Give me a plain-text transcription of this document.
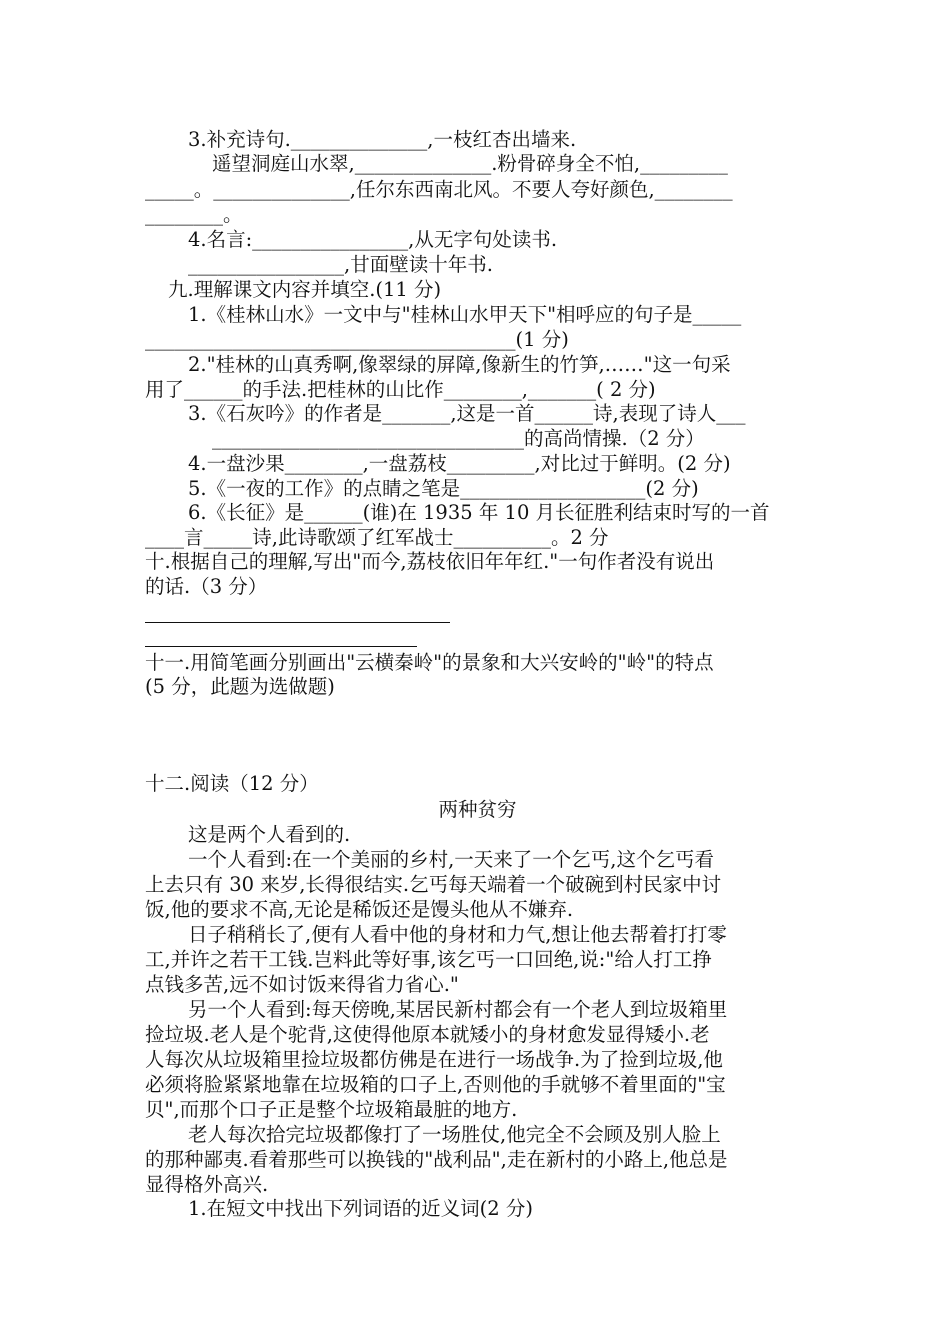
3.补充诗句.______________,一枝红杏出墙来.
遥望洞庭山水翠,______________.粉骨碎身全不怕,_________
_____。______________,任尔东西南北风。不要人夸好颜色,________
________。
4.名言:________________,从无字句处读书.
________________,甘面壁读十年书.
九.理解课文内容并填空.(11 分)
1.《桂林山水》一文中与"桂林山水甲天下"相呼应的句子是_____
______________________________________(1 分)
2."桂林的山真秀啊,像翠绿的屏障,像新生的竹笋,……"这一句采
用了______的手法.把桂林的山比作________,_______( 2 分)
3.《石灰吟》的作者是_______,这是一首______诗,表现了诗人___
________________________________的高尚情操.（2 分）
4.一盘沙果________,一盘荔枝_________,对比过于鲜明。(2 分)
5.《一夜的工作》的点睛之笔是___________________(2 分)
6.《长征》是______(谁)在 1935 年 10 月长征胜利结束时写的一首
____言_____诗,此诗歌颂了红军战士__________。2 分
十.根据自己的理解,写出"而今,荔枝依旧年年红."一句作者没有说出
的话.（3 分）
十一.用简笔画分别画出"云横秦岭"的景象和大兴安岭的"岭"的特点
(5 分，此题为选做题)
十二.阅读（12 分）
两种贫穷
这是两个人看到的.
一个人看到:在一个美丽的乡村,一天来了一个乞丐,这个乞丐看
上去只有 30 来岁,长得很结实.乞丐每天端着一个破碗到村民家中讨
饭,他的要求不高,无论是稀饭还是馒头他从不嫌弃.
日子稍稍长了,便有人看中他的身材和力气,想让他去帮着打打零
工,并许之若干工钱.岂料此等好事,该乞丐一口回绝,说:"给人打工挣
点钱多苦,远不如讨饭来得省力省心."
另一个人看到:每天傍晚,某居民新村都会有一个老人到垃圾箱里
捡垃圾.老人是个驼背,这使得他原本就矮小的身材愈发显得矮小.老
人每次从垃圾箱里捡垃圾都仿佛是在进行一场战争.为了捡到垃圾,他
必须将脸紧紧地靠在垃圾箱的口子上,否则他的手就够不着里面的"宝
贝",而那个口子正是整个垃圾箱最脏的地方.
老人每次拾完垃圾都像打了一场胜仗,他完全不会顾及别人脸上
的那种鄙夷.看着那些可以换钱的"战利品",走在新村的小路上,他总是
显得格外高兴.
1.在短文中找出下列词语的近义词(2 分)
